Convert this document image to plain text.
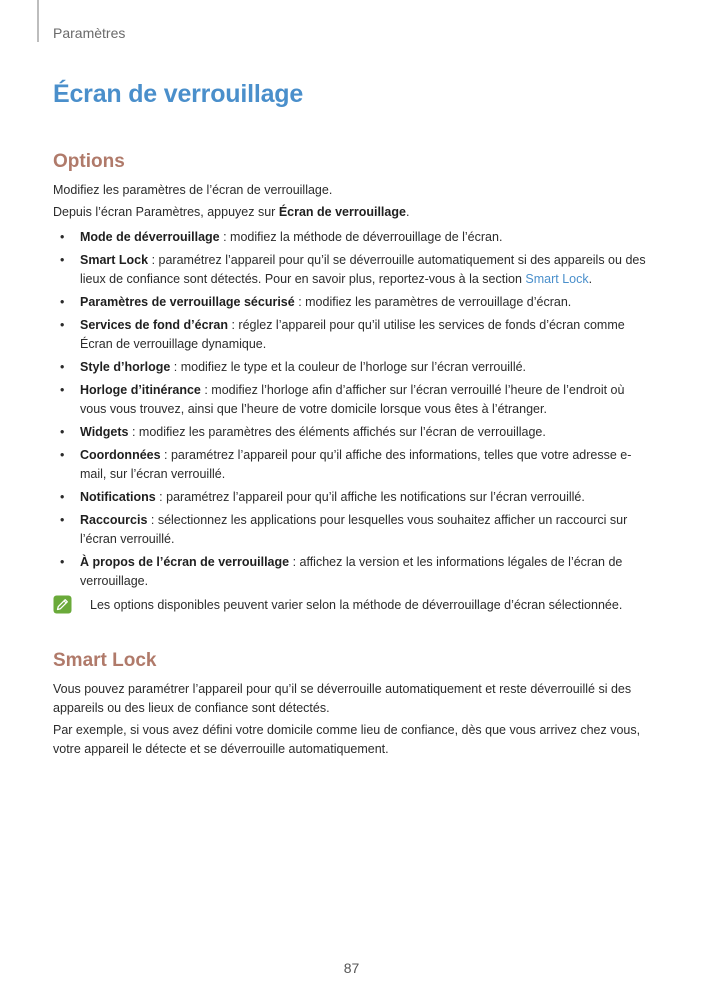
Paramètres
Écran de verrouillage
Options

Modifiez les paramètres de l’écran de verrouillage.

Depuis l’écran Paramètres, appuyez sur Écran de verrouillage.

• Mode de déverrouillage : modifiez la méthode de déverrouillage de l’écran.
• Smart Lock : paramétrez l’appareil pour qu’il se déverrouille automatiquement si des appareils ou des lieux de confiance sont détectés. Pour en savoir plus, reportez-vous à la section Smart Lock.
• Paramètres de verrouillage sécurisé : modifiez les paramètres de verrouillage d’écran.
• Services de fond d’écran : réglez l’appareil pour qu’il utilise les services de fonds d’écran comme Écran de verrouillage dynamique.
• Style d’horloge : modifiez le type et la couleur de l’horloge sur l’écran verrouillé.
• Horloge d’itinérance : modifiez l’horloge afin d’afficher sur l’écran verrouillé l’heure de l’endroit où vous vous trouvez, ainsi que l’heure de votre domicile lorsque vous êtes à l’étranger.
• Widgets : modifiez les paramètres des éléments affichés sur l’écran de verrouillage.
• Coordonnées : paramétrez l’appareil pour qu’il affiche des informations, telles que votre adresse e-mail, sur l’écran verrouillé.
• Notifications : paramétrez l’appareil pour qu’il affiche les notifications sur l’écran verrouillé.
• Raccourcis : sélectionnez les applications pour lesquelles vous souhaitez afficher un raccourci sur l’écran verrouillé.
• À propos de l’écran de verrouillage : affichez la version et les informations légales de l’écran de verrouillage.
Les options disponibles peuvent varier selon la méthode de déverrouillage d’écran sélectionnée.
Smart Lock

Vous pouvez paramétrer l’appareil pour qu’il se déverrouille automatiquement et reste déverrouillé si des appareils ou des lieux de confiance sont détectés.

Par exemple, si vous avez défini votre domicile comme lieu de confiance, dès que vous arrivez chez vous, votre appareil le détecte et se déverrouille automatiquement.

87
